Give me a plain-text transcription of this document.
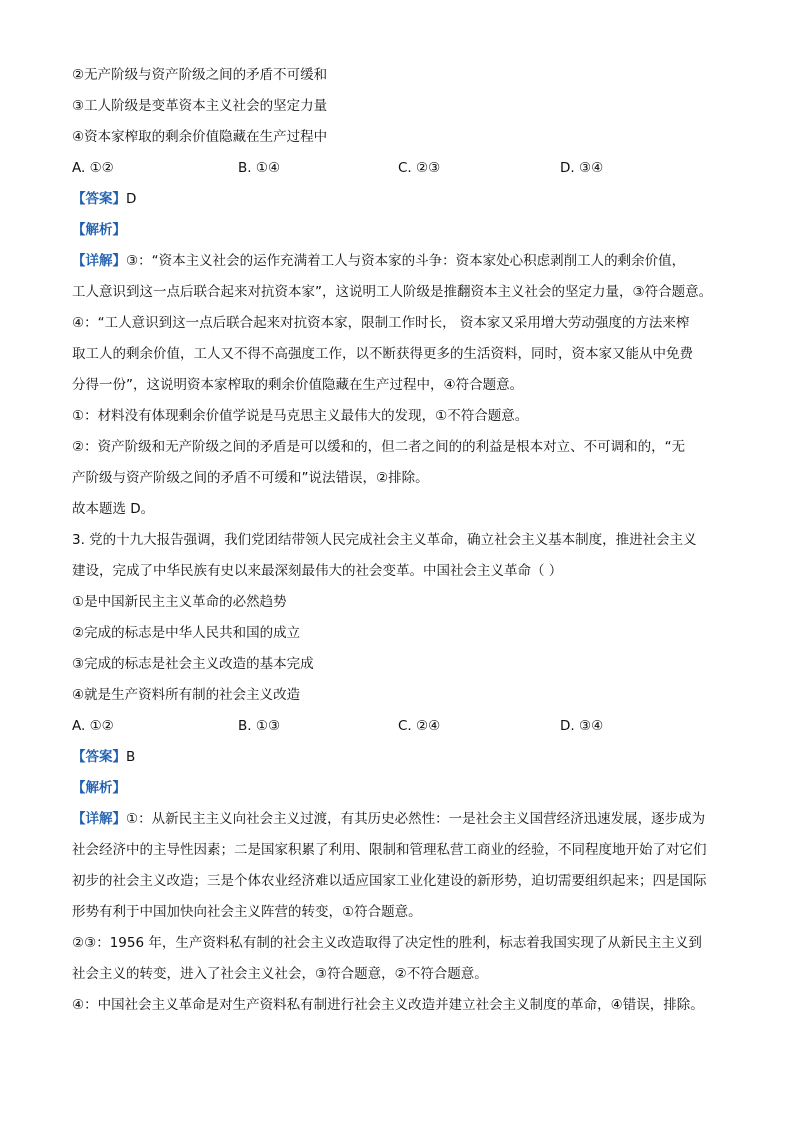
②无产阶级与资产阶级之间的矛盾不可缓和
③工人阶级是变革资本主义社会的坚定力量
④资本家榨取的剩余价值隐藏在生产过程中
A. ①②	B. ①④	C. ②③	D. ③④
【答案】D
【解析】
【详解】③：“资本主义社会的运作充满着工人与资本家的斗争：资本家处心积虑剥削工人的剩余价值，
工人意识到这一点后联合起来对抗资本家”，这说明工人阶级是推翻资本主义社会的坚定力量，③符合题意。
④：“工人意识到这一点后联合起来对抗资本家，限制工作时长， 资本家又采用增大劳动强度的方法来榨
取工人的剩余价值，工人又不得不高强度工作，以不断获得更多的生活资料，同时，资本家又能从中免费
分得一份”，这说明资本家榨取的剩余价值隐藏在生产过程中，④符合题意。
①：材料没有体现剩余价值学说是马克思主义最伟大的发现，①不符合题意。
②：资产阶级和无产阶级之间的矛盾是可以缓和的，但二者之间的的利益是根本对立、不可调和的，“无
产阶级与资产阶级之间的矛盾不可缓和”说法错误，②排除。
故本题选 D。
3. 党的十九大报告强调，我们党团结带领人民完成社会主义革命，确立社会主义基本制度，推进社会主义
建设，完成了中华民族有史以来最深刻最伟大的社会变革。中国社会主义革命（ ）
①是中国新民主主义革命的必然趋势
②完成的标志是中华人民共和国的成立
③完成的标志是社会主义改造的基本完成
④就是生产资料所有制的社会主义改造
A. ①②	B. ①③	C. ②④	D. ③④
【答案】B
【解析】
【详解】①：从新民主主义向社会主义过渡，有其历史必然性：一是社会主义国营经济迅速发展，逐步成为
社会经济中的主导性因素；二是国家积累了利用、限制和管理私营工商业的经验，不同程度地开始了对它们
初步的社会主义改造；三是个体农业经济难以适应国家工业化建设的新形势，迫切需要组织起来；四是国际
形势有利于中国加快向社会主义阵营的转变，①符合题意。
②③：1956 年，生产资料私有制的社会主义改造取得了决定性的胜利，标志着我国实现了从新民主主义到
社会主义的转变，进入了社会主义社会，③符合题意，②不符合题意。
④：中国社会主义革命是对生产资料私有制进行社会主义改造并建立社会主义制度的革命，④错误，排除。
